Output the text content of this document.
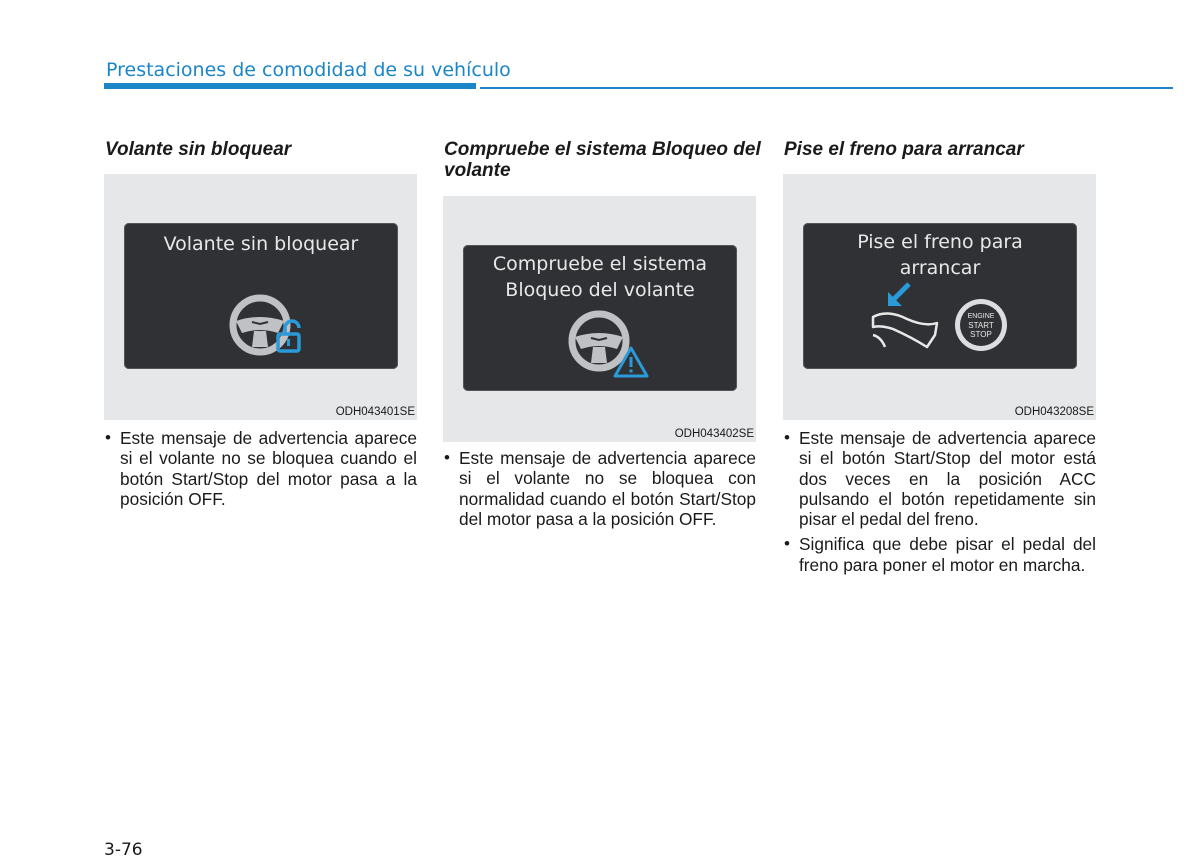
Prestaciones de comodidad de su vehículo
Volante sin bloquear
Volante sin bloquear
ODH043401SE
• Este mensaje de advertencia aparece si el volante no se bloquea cuando el botón Start/Stop del motor pasa a la posición OFF.
Compruebe el sistema Bloqueo del volante
Compruebe el sistema
Bloqueo del volante
ODH043402SE
• Este mensaje de advertencia aparece si el volante no se bloquea con normalidad cuando el botón Start/Stop del motor pasa a la posición OFF.
Pise el freno para arrancar
Pise el freno para
arrancar
ENGINE
START
STOP
ODH043208SE
• Este mensaje de advertencia aparece si el botón Start/Stop del motor está dos veces en la posición ACC pulsando el botón repetidamente sin pisar el pedal del freno.
• Significa que debe pisar el pedal del freno para poner el motor en marcha.
3-76
